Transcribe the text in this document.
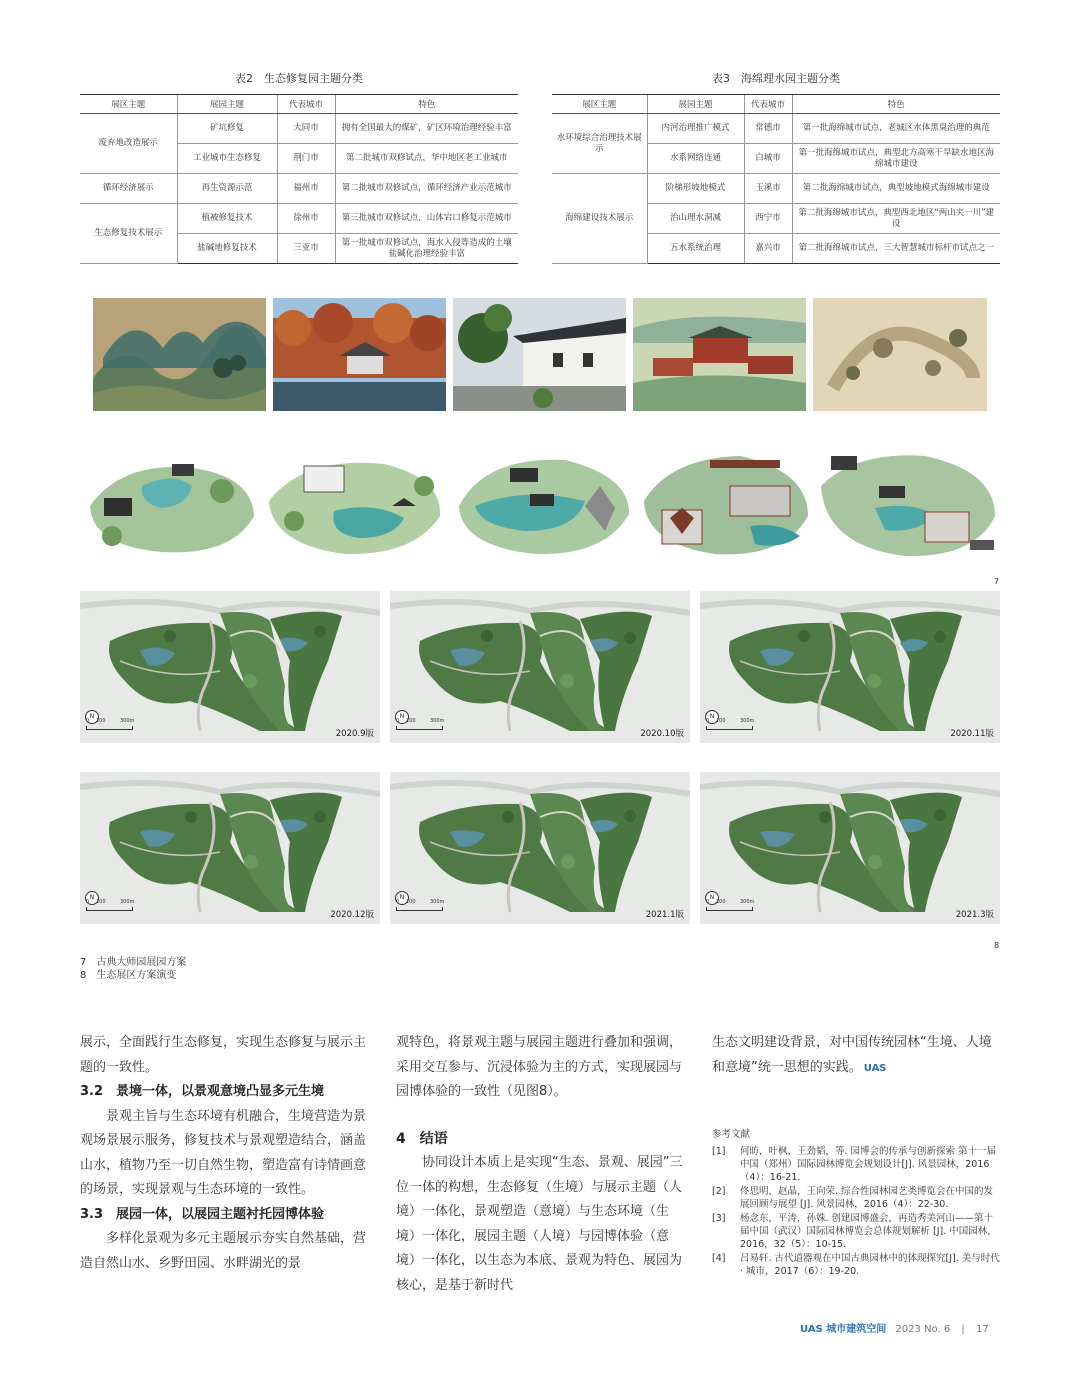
表2　生态修复园主题分类
展区主题	展园主题	代表城市	特色
废弃地改造展示	矿坑修复	大同市	拥有全国最大的煤矿，矿区环境治理经验丰富
	工业城市生态修复	荆门市	第二批城市双修试点，华中地区老工业城市
循环经济展示	再生资源示范	福州市	第二批城市双修试点，循环经济产业示范城市
生态修复技术展示	植被修复技术	徐州市	第三批城市双修试点，山体宕口修复示范城市
	盐碱地修复技术	三亚市	第一批城市双修试点，海水入侵等造成的土壤盐碱化治理经验丰富
表3　海绵理水园主题分类
展区主题	展园主题	代表城市	特色
水环境综合治理技术展示	内河治理推广模式	常德市	第一批海绵城市试点，老城区水体黑臭治理的典范
	水系网络连通	白城市	第一批海绵城市试点，典型北方高寒干旱缺水地区海绵城市建设
海绵建设技术展示	阶梯形坡地模式	玉溪市	第二批海绵城市试点，典型坡地模式海绵城市建设
	治山理水洞减	西宁市	第二批海绵城市试点，典型西北地区“两山夹一川”建设
	五水系统治理	嘉兴市	第二批海绵城市试点，三大智慧城市标杆市试点之一
7
N
0 100	300m
2020.9版
N
0 100	300m
2020.10版
N
0 100	300m
2020.11版
N
0 100	300m
2020.12版
N
0 100	300m
2021.1版
N
0 100	300m
2021.3版
8
7　古典大师园展园方案
8　生态展区方案演变

展示，全面践行生态修复，实现生态修复与展示主题的一致性。

3.2　景境一体，以景观意境凸显多元生境

景观主旨与生态环境有机融合，生境营造为景观场景展示服务，修复技术与景观塑造结合，涵盖山水，植物乃至一切自然生物，塑造富有诗情画意的场景，实现景观与生态环境的一致性。

3.3　展园一体，以展园主题衬托园博体验

多样化景观为多元主题展示夯实自然基础，营造自然山水、乡野田园、水畔湖光的景

观特色，将景观主题与展园主题进行叠加和强调，采用交互参与、沉浸体验为主的方式，实现展园与园博体验的一致性（见图8）。

4　结语

协同设计本质上是实现“生态、景观、展园”三位一体的构想，生态修复（生境）与展示主题（人境）一体化，景观塑造（意境）与生态环境（生境）一体化，展园主题（人境）与园博体验（意境）一体化，以生态为本底、景观为特色、展园为核心，是基于新时代

生态文明建设背景，对中国传统园林“生境、人境和意境”统一思想的实践。 UAS

参考文献
[1] 何昉，叶枫，王劲韬，等. 园博会的传承与创新探索 第十一届中国（郑州）国际园林博览会规划设计[J]. 风景园林，2016（4）：16-21.
[2] 佟思明，赵晶，王向荣. 综合性园林园艺类博览会在中国的发展回顾与展望 [J]. 风景园林，2016（4）：22-30.
[3] 杨念东，平涛，孙姝. 创建园博盛会，再造秀美河山——第十届中国（武汉）国际园林博览会总体规划解析 [J]. 中国园林，2016，32（5）：10-15.
[4] 吕易轩. 古代道器观在中国古典园林中的体现探究[J]. 美与时代 · 城市，2017（6）：19-20.
UAS 城市建筑空间 2023 No. 6 | 17
